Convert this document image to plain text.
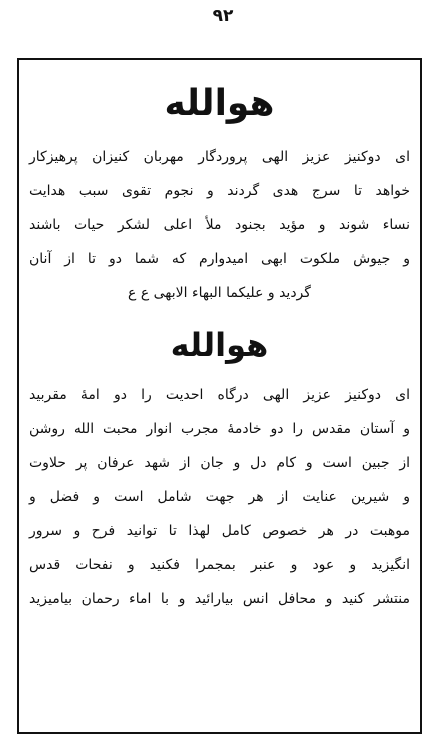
۹۲
هوالله
ای دوکنیز عزیز الهی پروردگار مهربان کنیزان پرهیزکار
خواهد تا سرج هدی گردند و نجوم تقوی سبب هدایت
نساء شوند و مؤید بجنود ملأ اعلی لشکر حیات باشند
و جیوش ملکوت ابهی امیدوارم که شما دو تا از آنان
گردید و علیکما البهاء الابهی ع ع
هوالله
ای دوکنیز عزیز الهی درگاه احدیت را دو امۀ مقربید
و آستان مقدس را دو خادمۀ مجرب انوار محبت الله روشن
از جبین است و کام دل و جان از شهد عرفان پر حلاوت
و شیرین عنایت از هر جهت شامل است و فضل و
موهبت در هر خصوص کامل لهذا تا توانید فرح و سرور
انگیزید و عود و عنبر بمجمرا فکنید و نفحات قدس
منتشر کنید و محافل انس بیارائید و با اماء رحمان بیامیزید
